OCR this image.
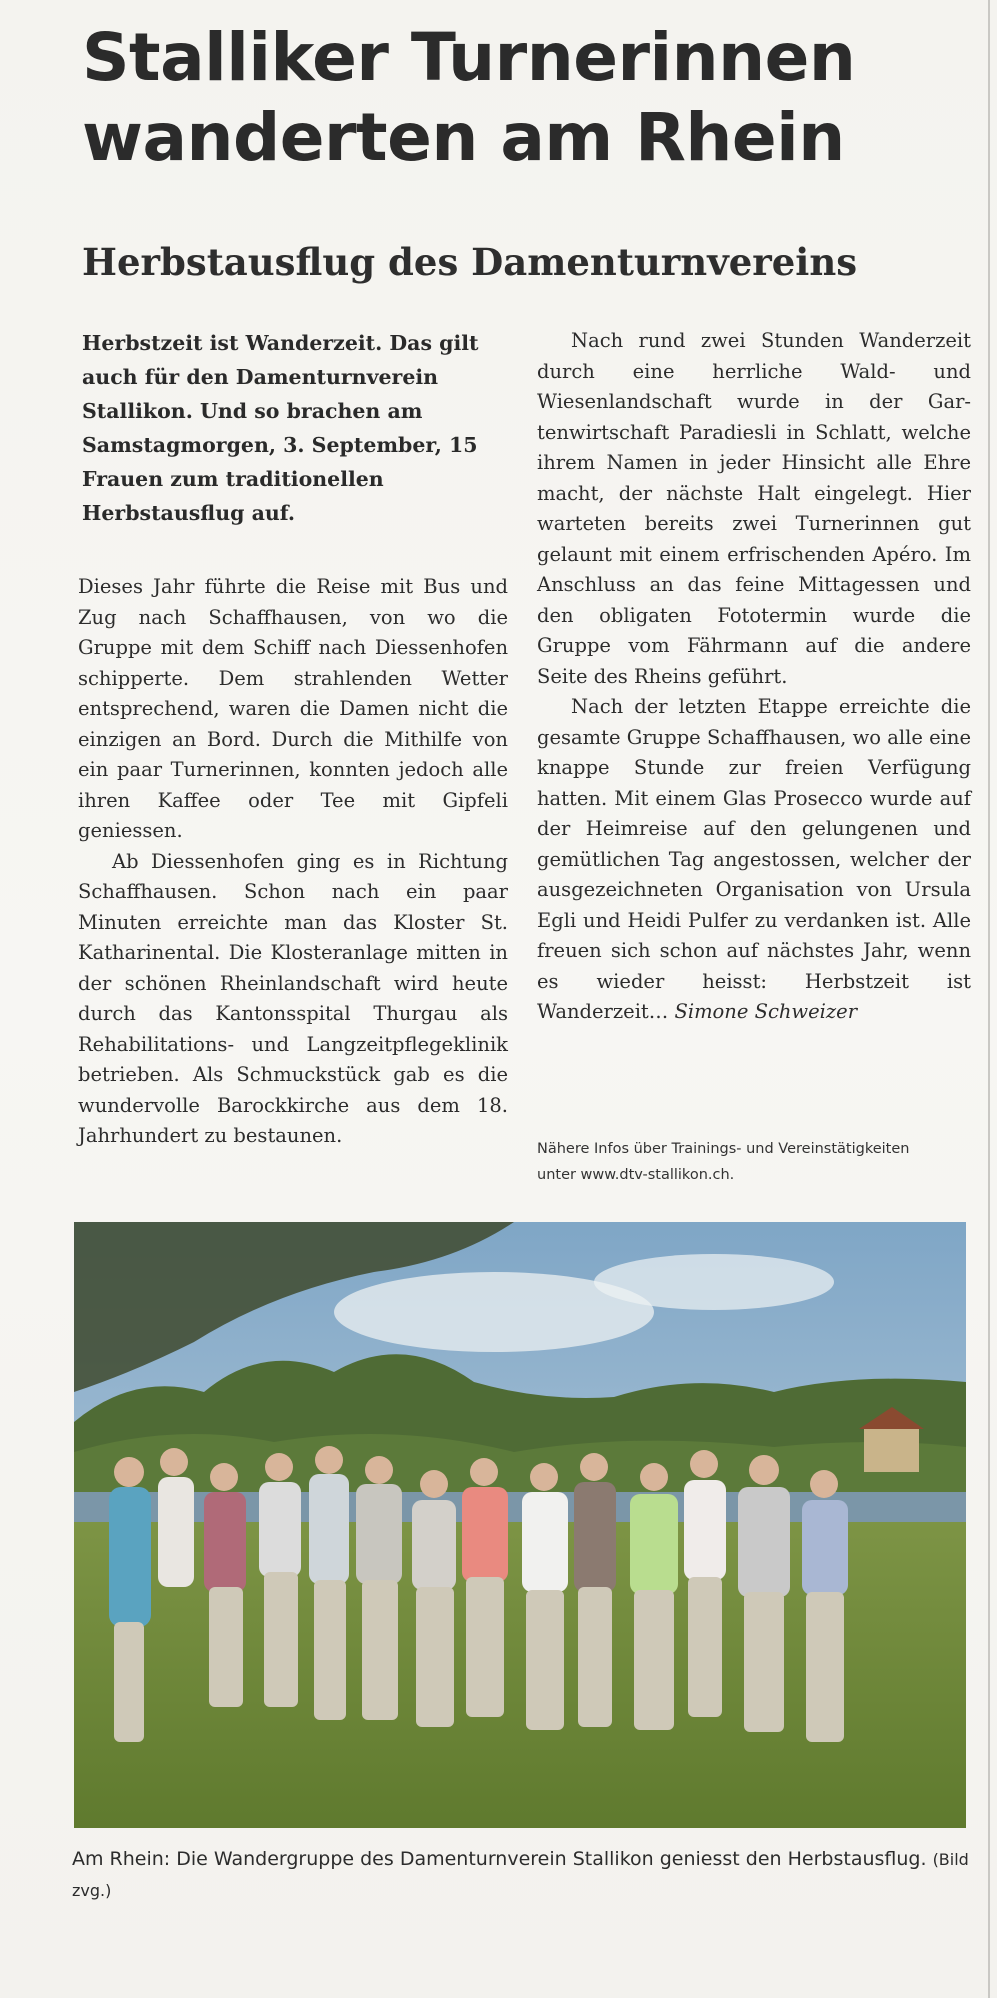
Stalliker Turnerinnen
wanderten am Rhein
Herbstausflug des Damenturnvereins
Herbstzeit ist Wanderzeit. Das gilt auch für den Damenturnverein Stallikon. Und so brachen am Samstagmorgen, 3. September, 15 Frauen zum traditionellen Herbstausflug auf.

Dieses Jahr führte die Reise mit Bus und Zug nach Schaffhausen, von wo die Gruppe mit dem Schiff nach Diessenhofen schipperte. Dem strahlenden Wetter entsprechend, waren die Damen nicht die einzigen an Bord. Durch die Mithilfe von ein paar Turnerinnen, konnten jedoch alle ihren Kaffee oder Tee mit Gipfeli geniessen.

Ab Diessenhofen ging es in Richtung Schaffhausen. Schon nach ein paar Minuten erreichte man das Kloster St. Katharinental. Die Klosteranlage mitten in der schönen Rheinlandschaft wird heute durch das Kantonsspital Thurgau als Rehabilitations- und Langzeitpflegeklinik betrieben. Als Schmuckstück gab es die wundervolle Barockkirche aus dem 18. Jahrhundert zu bestaunen.

Nach rund zwei Stunden Wanderzeit durch eine herrliche Wald- und Wiesenlandschaft wurde in der Gartenwirtschaft Paradiesli in Schlatt, welche ihrem Namen in jeder Hinsicht alle Ehre macht, der nächste Halt eingelegt. Hier warteten bereits zwei Turnerinnen gut gelaunt mit einem erfrischenden Apéro. Im Anschluss an das feine Mittagessen und den obligaten Fototermin wurde die Gruppe vom Fährmann auf die andere Seite des Rheins geführt.

Nach der letzten Etappe erreichte die gesamte Gruppe Schaffhausen, wo alle eine knappe Stunde zur freien Verfügung hatten. Mit einem Glas Prosecco wurde auf der Heimreise auf den gelungenen und gemütlichen Tag angestossen, welcher der ausgezeichneten Organisation von Ursula Egli und Heidi Pulfer zu verdanken ist. Alle freuen sich schon auf nächstes Jahr, wenn es wieder heisst: Herbstzeit ist Wanderzeit… Simone Schweizer

Nähere Infos über Trainings- und Vereinstätigkeiten
unter www.dtv-stallikon.ch.
Am Rhein: Die Wandergruppe des Damenturnverein Stallikon geniesst den Herbstausflug. (Bild zvg.)
